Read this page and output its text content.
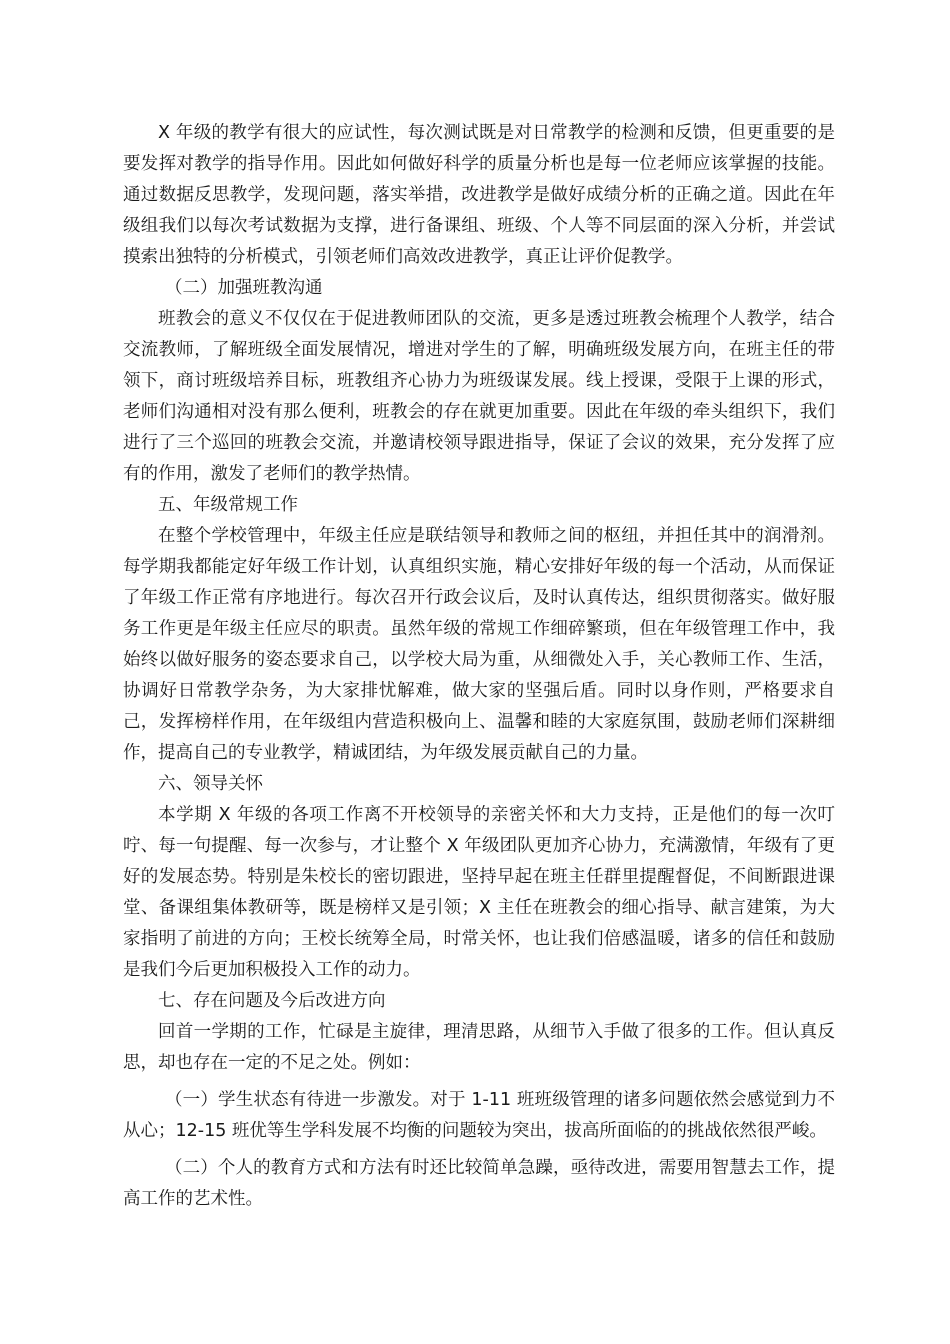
X 年级的教学有很大的应试性，每次测试既是对日常教学的检测和反馈，但更重要的是要发挥对教学的指导作用。因此如何做好科学的质量分析也是每一位老师应该掌握的技能。通过数据反思教学，发现问题，落实举措，改进教学是做好成绩分析的正确之道。因此在年级组我们以每次考试数据为支撑，进行备课组、班级、个人等不同层面的深入分析，并尝试摸索出独特的分析模式，引领老师们高效改进教学，真正让评价促教学。

（二）加强班教沟通

班教会的意义不仅仅在于促进教师团队的交流，更多是透过班教会梳理个人教学，结合交流教师，了解班级全面发展情况，增进对学生的了解，明确班级发展方向，在班主任的带领下，商讨班级培养目标，班教组齐心协力为班级谋发展。线上授课，受限于上课的形式，老师们沟通相对没有那么便利，班教会的存在就更加重要。因此在年级的牵头组织下，我们进行了三个巡回的班教会交流，并邀请校领导跟进指导，保证了会议的效果，充分发挥了应有的作用，激发了老师们的教学热情。

五、年级常规工作

在整个学校管理中，年级主任应是联结领导和教师之间的枢纽，并担任其中的润滑剂。每学期我都能定好年级工作计划，认真组织实施，精心安排好年级的每一个活动，从而保证了年级工作正常有序地进行。每次召开行政会议后，及时认真传达，组织贯彻落实。做好服务工作更是年级主任应尽的职责。虽然年级的常规工作细碎繁琐，但在年级管理工作中，我始终以做好服务的姿态要求自己，以学校大局为重，从细微处入手，关心教师工作、生活，协调好日常教学杂务，为大家排忧解难，做大家的坚强后盾。同时以身作则，严格要求自己，发挥榜样作用，在年级组内营造积极向上、温馨和睦的大家庭氛围，鼓励老师们深耕细作，提高自己的专业教学，精诚团结，为年级发展贡献自己的力量。

六、领导关怀

本学期 X 年级的各项工作离不开校领导的亲密关怀和大力支持，正是他们的每一次叮咛、每一句提醒、每一次参与，才让整个 X 年级团队更加齐心协力，充满激情，年级有了更好的发展态势。特别是朱校长的密切跟进，坚持早起在班主任群里提醒督促，不间断跟进课堂、备课组集体教研等，既是榜样又是引领；X 主任在班教会的细心指导、献言建策，为大家指明了前进的方向；王校长统筹全局，时常关怀，也让我们倍感温暖，诸多的信任和鼓励是我们今后更加积极投入工作的动力。

七、存在问题及今后改进方向

回首一学期的工作，忙碌是主旋律，理清思路，从细节入手做了很多的工作。但认真反思，却也存在一定的不足之处。例如：

（一）学生状态有待进一步激发。对于 1-11 班班级管理的诸多问题依然会感觉到力不从心；12-15 班优等生学科发展不均衡的问题较为突出，拔高所面临的的挑战依然很严峻。

（二）个人的教育方式和方法有时还比较简单急躁，亟待改进，需要用智慧去工作，提高工作的艺术性。
